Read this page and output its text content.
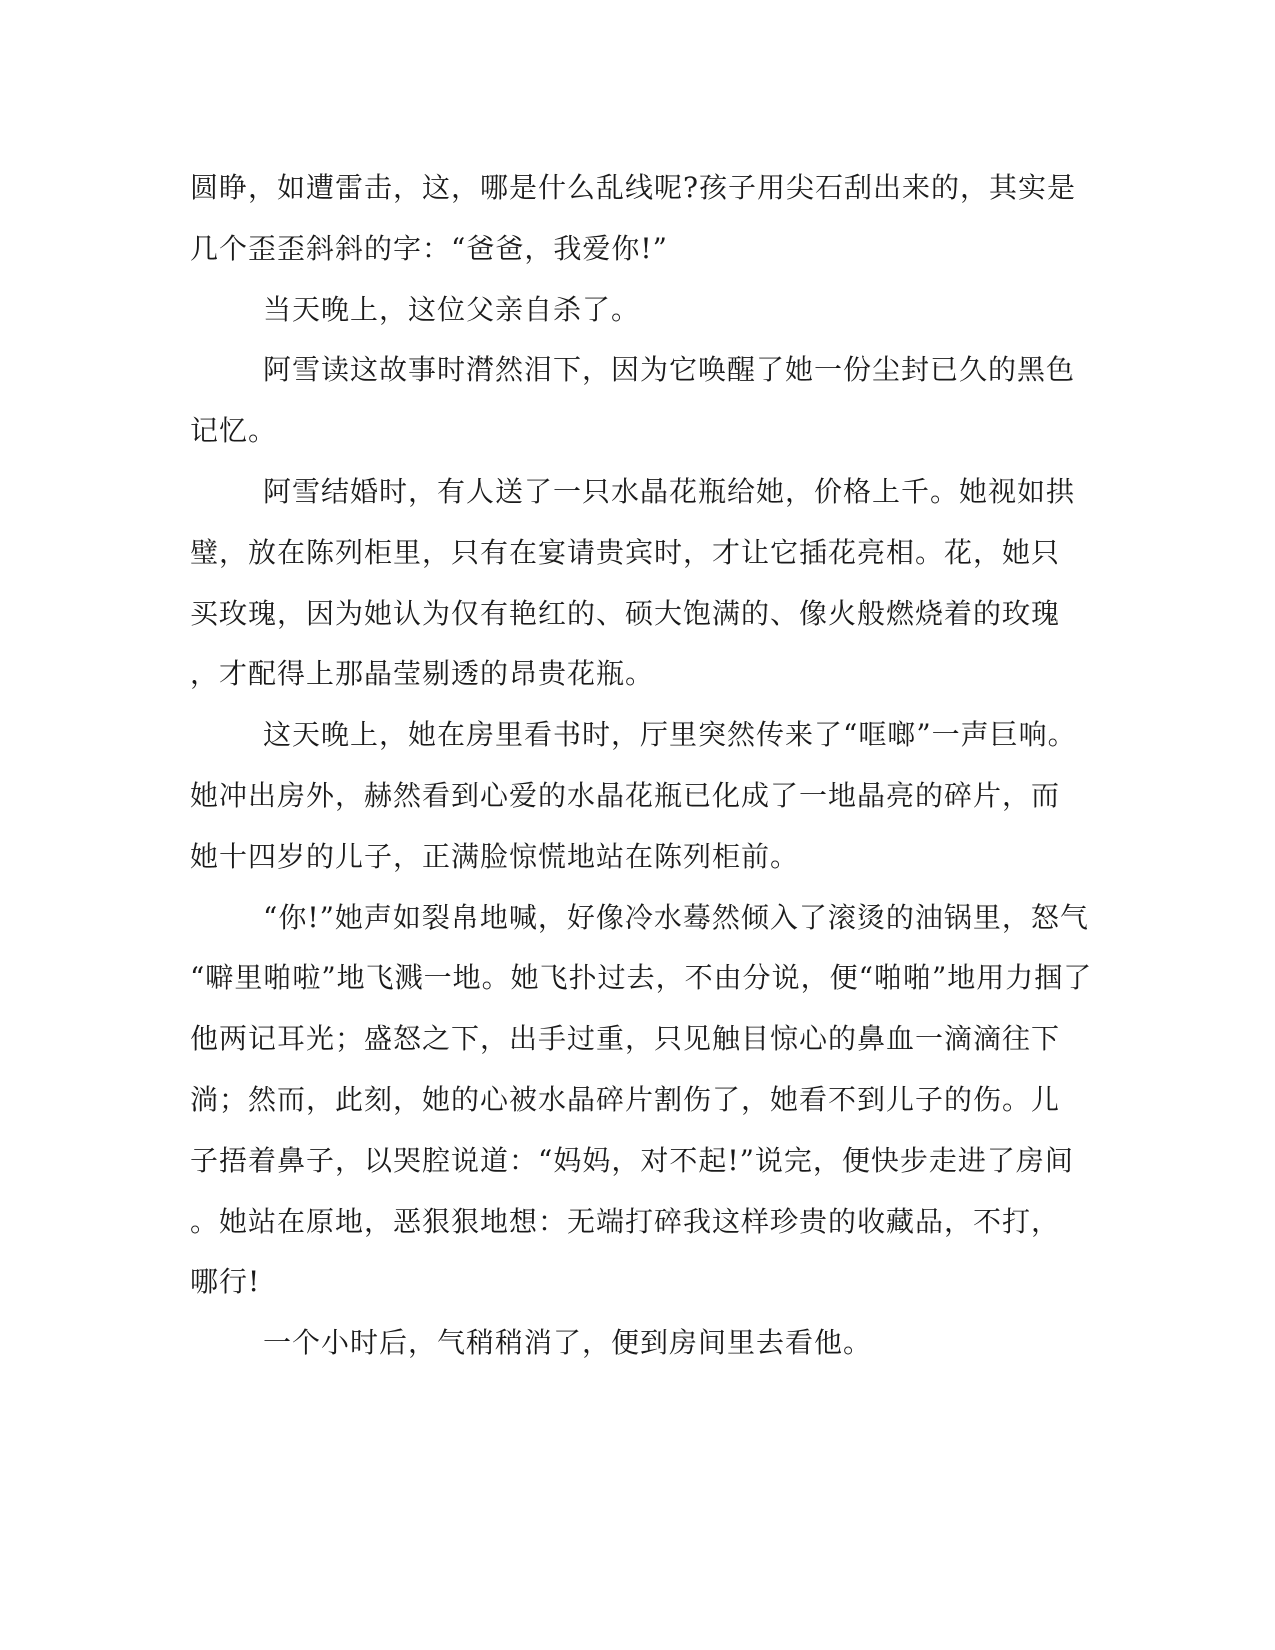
圆睁，如遭雷击，这，哪是什么乱线呢?孩子用尖石刮出来的，其实是
几个歪歪斜斜的字：“爸爸，我爱你!”
当天晚上，这位父亲自杀了。
阿雪读这故事时潸然泪下，因为它唤醒了她一份尘封已久的黑色
记忆。
阿雪结婚时，有人送了一只水晶花瓶给她，价格上千。她视如拱
璧，放在陈列柜里，只有在宴请贵宾时，才让它插花亮相。花，她只
买玫瑰，因为她认为仅有艳红的、硕大饱满的、像火般燃烧着的玫瑰
，才配得上那晶莹剔透的昂贵花瓶。
这天晚上，她在房里看书时，厅里突然传来了“哐啷”一声巨响。
她冲出房外，赫然看到心爱的水晶花瓶已化成了一地晶亮的碎片，而
她十四岁的儿子，正满脸惊慌地站在陈列柜前。
“你!”她声如裂帛地喊，好像冷水蓦然倾入了滚烫的油锅里，怒气
“噼里啪啦”地飞溅一地。她飞扑过去，不由分说，便“啪啪”地用力掴了
他两记耳光；盛怒之下，出手过重，只见触目惊心的鼻血一滴滴往下
淌；然而，此刻，她的心被水晶碎片割伤了，她看不到儿子的伤。儿
子捂着鼻子，以哭腔说道：“妈妈，对不起!”说完，便快步走进了房间
。她站在原地，恶狠狠地想：无端打碎我这样珍贵的收藏品，不打，
哪行!
一个小时后，气稍稍消了，便到房间里去看他。
